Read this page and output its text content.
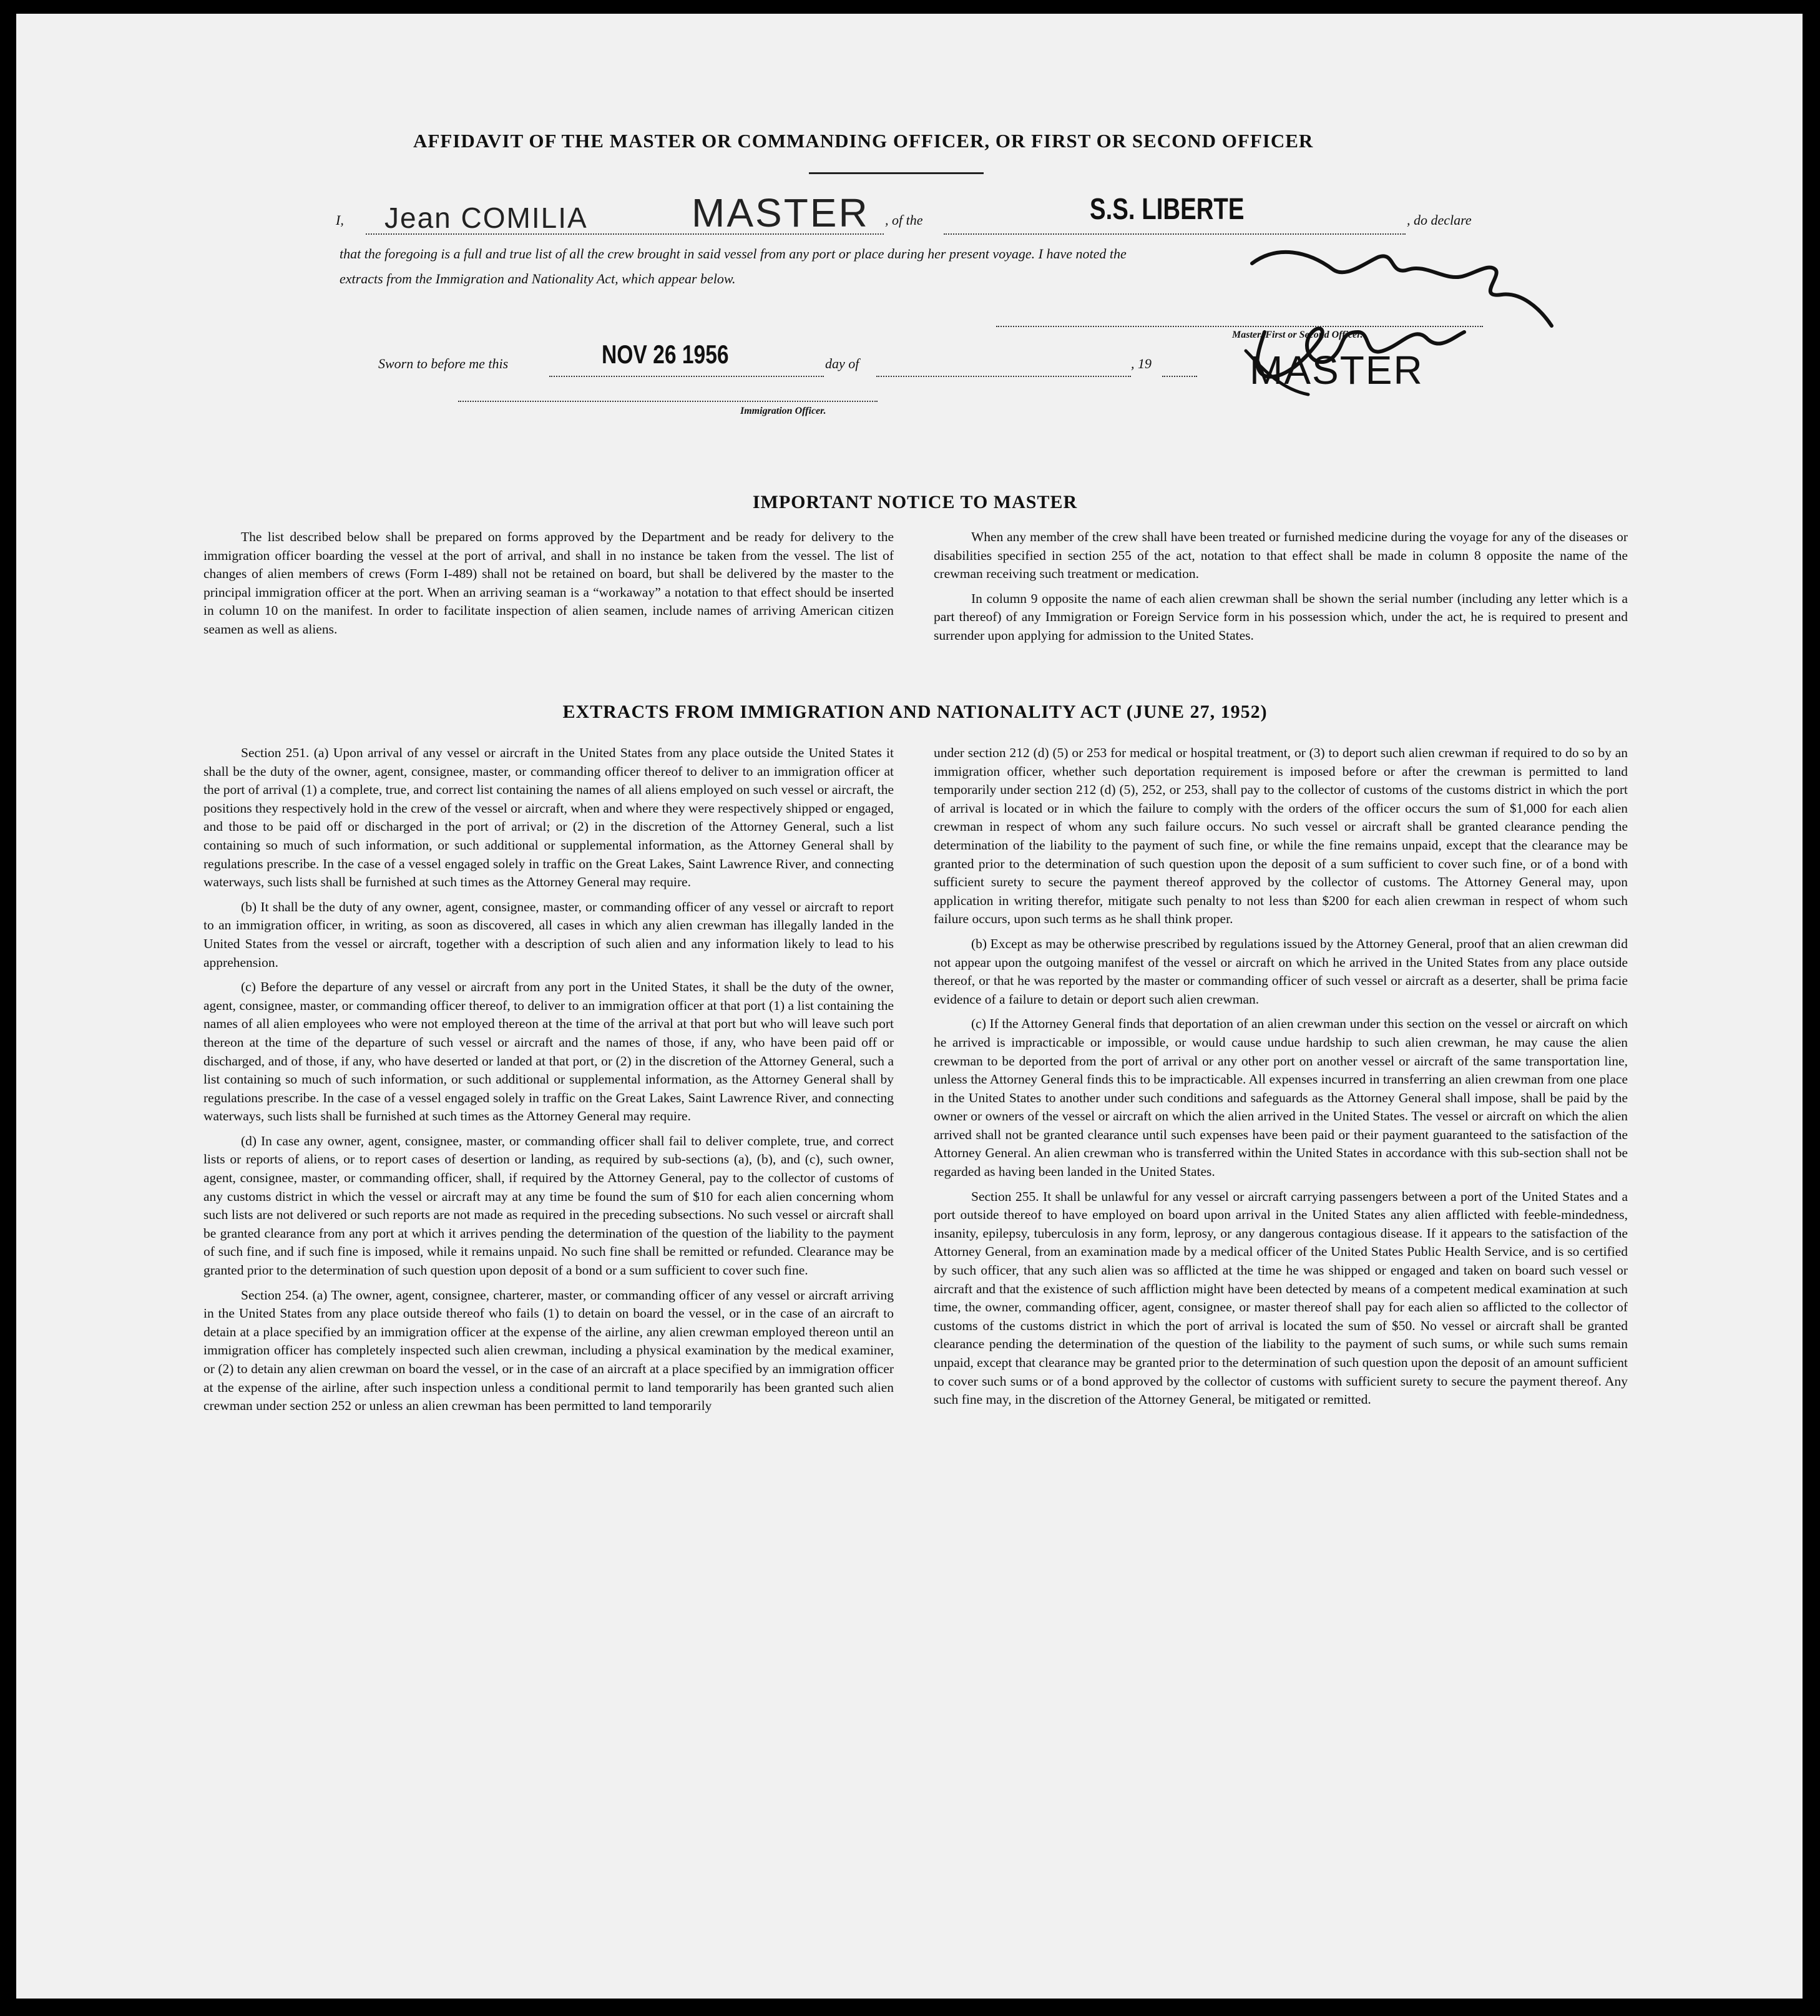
AFFIDAVIT OF THE MASTER OR COMMANDING OFFICER, OR FIRST OR SECOND OFFICER
I, Jean COMILIA	MASTER , of the	S.S. LIBERTE	, do declare
that the foregoing is a full and true list of all the crew brought in said vessel from any port or place during her present voyage. I have noted the
extracts from the Immigration and Nationality Act, which appear below.
Master, First or Second Officer.
MASTER
Sworn to before me this	NOV 26 1956	day of	, 19
Immigration Officer.
IMPORTANT NOTICE TO MASTER

The list described below shall be prepared on forms approved by the Department and be ready for delivery to the immigration officer boarding the vessel at the port of arrival, and shall in no instance be taken from the vessel. The list of changes of alien members of crews (Form I-489) shall not be retained on board, but shall be delivered by the master to the principal immigration officer at the port. When an arriving seaman is a “workaway” a notation to that effect should be inserted in column 10 on the manifest. In order to facilitate inspection of alien seamen, include names of arriving American citizen seamen as well as aliens.

When any member of the crew shall have been treated or furnished medicine during the voyage for any of the diseases or disabilities specified in section 255 of the act, notation to that effect shall be made in column 8 opposite the name of the crewman receiving such treatment or medication.

In column 9 opposite the name of each alien crewman shall be shown the serial number (including any letter which is a part thereof) of any Immigration or Foreign Service form in his possession which, under the act, he is required to present and surrender upon applying for admission to the United States.

EXTRACTS FROM IMMIGRATION AND NATIONALITY ACT (JUNE 27, 1952)

Section 251. (a) Upon arrival of any vessel or aircraft in the United States from any place outside the United States it shall be the duty of the owner, agent, consignee, master, or commanding officer thereof to deliver to an immigration officer at the port of arrival (1) a complete, true, and correct list containing the names of all aliens employed on such vessel or aircraft, the positions they respectively hold in the crew of the vessel or aircraft, when and where they were respectively shipped or engaged, and those to be paid off or discharged in the port of arrival; or (2) in the discretion of the Attorney General, such a list containing so much of such information, or such additional or supplemental information, as the Attorney General shall by regulations prescribe. In the case of a vessel engaged solely in traffic on the Great Lakes, Saint Lawrence River, and connecting waterways, such lists shall be furnished at such times as the Attorney General may require.

(b) It shall be the duty of any owner, agent, consignee, master, or commanding officer of any vessel or aircraft to report to an immigration officer, in writing, as soon as discovered, all cases in which any alien crewman has illegally landed in the United States from the vessel or aircraft, together with a description of such alien and any information likely to lead to his apprehension.

(c) Before the departure of any vessel or aircraft from any port in the United States, it shall be the duty of the owner, agent, consignee, master, or commanding officer thereof, to deliver to an immigration officer at that port (1) a list containing the names of all alien employees who were not employed thereon at the time of the arrival at that port but who will leave such port thereon at the time of the departure of such vessel or aircraft and the names of those, if any, who have been paid off or discharged, and of those, if any, who have deserted or landed at that port, or (2) in the discretion of the Attorney General, such a list containing so much of such information, or such additional or supplemental information, as the Attorney General shall by regulations prescribe. In the case of a vessel engaged solely in traffic on the Great Lakes, Saint Lawrence River, and connecting waterways, such lists shall be furnished at such times as the Attorney General may require.

(d) In case any owner, agent, consignee, master, or commanding officer shall fail to deliver complete, true, and correct lists or reports of aliens, or to report cases of desertion or landing, as required by sub-sections (a), (b), and (c), such owner, agent, consignee, master, or commanding officer, shall, if required by the Attorney General, pay to the collector of customs of any customs district in which the vessel or aircraft may at any time be found the sum of $10 for each alien concerning whom such lists are not delivered or such reports are not made as required in the preceding subsections. No such vessel or aircraft shall be granted clearance from any port at which it arrives pending the determination of the question of the liability to the payment of such fine, and if such fine is imposed, while it remains unpaid. No such fine shall be remitted or refunded. Clearance may be granted prior to the determination of such question upon deposit of a bond or a sum sufficient to cover such fine.

Section 254. (a) The owner, agent, consignee, charterer, master, or commanding officer of any vessel or aircraft arriving in the United States from any place outside thereof who fails (1) to detain on board the vessel, or in the case of an aircraft to detain at a place specified by an immigration officer at the expense of the airline, any alien crewman employed thereon until an immigration officer has completely inspected such alien crewman, including a physical examination by the medical examiner, or (2) to detain any alien crewman on board the vessel, or in the case of an aircraft at a place specified by an immigration officer at the expense of the airline, after such inspection unless a conditional permit to land temporarily has been granted such alien crewman under section 252 or unless an alien crewman has been permitted to land temporarily

under section 212 (d) (5) or 253 for medical or hospital treatment, or (3) to deport such alien crewman if required to do so by an immigration officer, whether such deportation requirement is imposed before or after the crewman is permitted to land temporarily under section 212 (d) (5), 252, or 253, shall pay to the collector of customs of the customs district in which the port of arrival is located or in which the failure to comply with the orders of the officer occurs the sum of $1,000 for each alien crewman in respect of whom any such failure occurs. No such vessel or aircraft shall be granted clearance pending the determination of the liability to the payment of such fine, or while the fine remains unpaid, except that the clearance may be granted prior to the determination of such question upon the deposit of a sum sufficient to cover such fine, or of a bond with sufficient surety to secure the payment thereof approved by the collector of customs. The Attorney General may, upon application in writing therefor, mitigate such penalty to not less than $200 for each alien crewman in respect of whom such failure occurs, upon such terms as he shall think proper.

(b) Except as may be otherwise prescribed by regulations issued by the Attorney General, proof that an alien crewman did not appear upon the outgoing manifest of the vessel or aircraft on which he arrived in the United States from any place outside thereof, or that he was reported by the master or commanding officer of such vessel or aircraft as a deserter, shall be prima facie evidence of a failure to detain or deport such alien crewman.

(c) If the Attorney General finds that deportation of an alien crewman under this section on the vessel or aircraft on which he arrived is impracticable or impossible, or would cause undue hardship to such alien crewman, he may cause the alien crewman to be deported from the port of arrival or any other port on another vessel or aircraft of the same transportation line, unless the Attorney General finds this to be impracticable. All expenses incurred in transferring an alien crewman from one place in the United States to another under such conditions and safeguards as the Attorney General shall impose, shall be paid by the owner or owners of the vessel or aircraft on which the alien arrived in the United States. The vessel or aircraft on which the alien arrived shall not be granted clearance until such expenses have been paid or their payment guaranteed to the satisfaction of the Attorney General. An alien crewman who is transferred within the United States in accordance with this sub-section shall not be regarded as having been landed in the United States.

Section 255. It shall be unlawful for any vessel or aircraft carrying passengers between a port of the United States and a port outside thereof to have employed on board upon arrival in the United States any alien afflicted with feeble-mindedness, insanity, epilepsy, tuberculosis in any form, leprosy, or any dangerous contagious disease. If it appears to the satisfaction of the Attorney General, from an examination made by a medical officer of the United States Public Health Service, and is so certified by such officer, that any such alien was so afflicted at the time he was shipped or engaged and taken on board such vessel or aircraft and that the existence of such affliction might have been detected by means of a competent medical examination at such time, the owner, commanding officer, agent, consignee, or master thereof shall pay for each alien so afflicted to the collector of customs of the customs district in which the port of arrival is located the sum of $50. No vessel or aircraft shall be granted clearance pending the determination of the question of the liability to the payment of such sums, or while such sums remain unpaid, except that clearance may be granted prior to the determination of such question upon the deposit of an amount sufficient to cover such sums or of a bond approved by the collector of customs with sufficient surety to secure the payment thereof. Any such fine may, in the discretion of the Attorney General, be mitigated or remitted.
